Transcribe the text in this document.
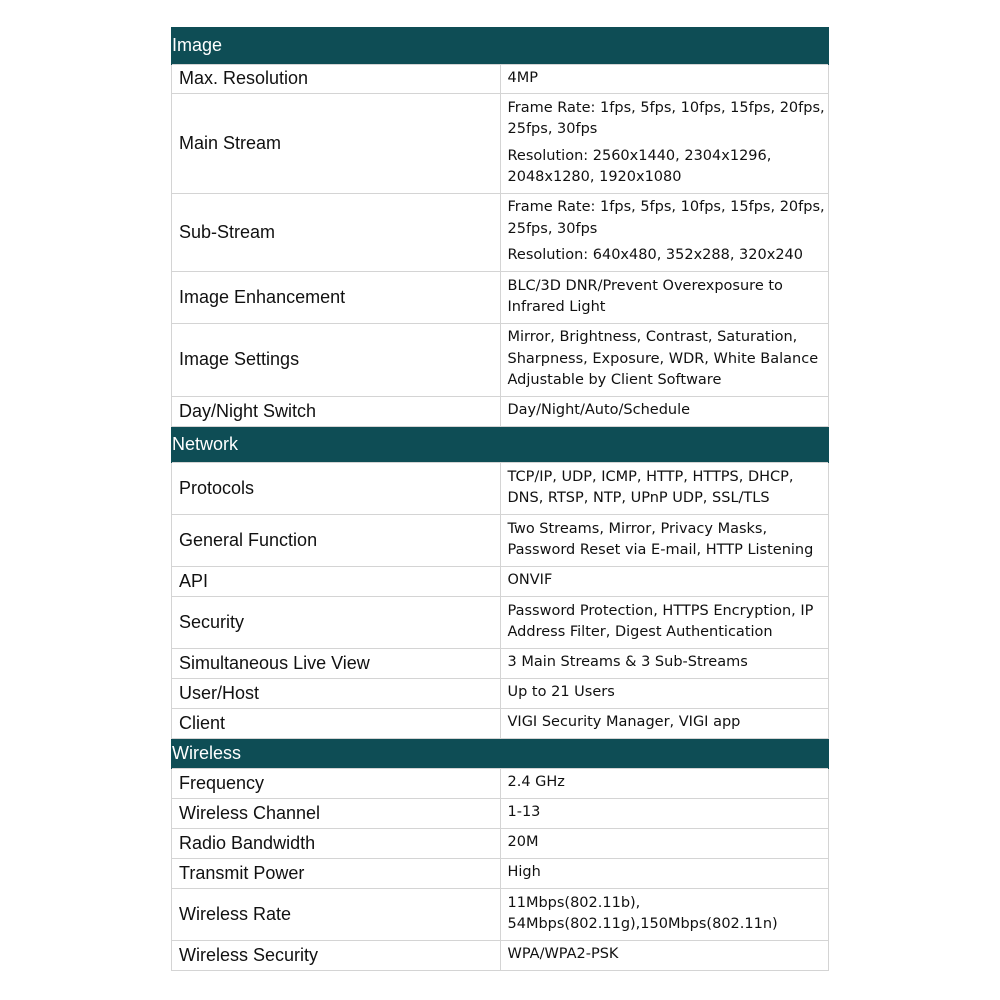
Image	
Max. Resolution	4MP

Main Stream	Frame Rate: 1fps, 5fps, 10fps, 15fps, 20fps, 25fps, 30fps
Resolution: 2560x1440, 2304x1296, 2048x1280, 1920x1080

Sub-Stream	Frame Rate: 1fps, 5fps, 10fps, 15fps, 20fps, 25fps, 30fps
Resolution: 640x480, 352x288, 320x240

Image Enhancement	BLC/3D DNR/Prevent Overexposure to Infrared Light

Image Settings	Mirror, Brightness, Contrast, Saturation, Sharpness, Exposure, WDR, White Balance Adjustable by Client Software

Day/Night Switch	Day/Night/Auto/Schedule

Network	
Protocols	TCP/IP, UDP, ICMP, HTTP, HTTPS, DHCP, DNS, RTSP, NTP, UPnP UDP, SSL/TLS

General Function	Two Streams, Mirror, Privacy Masks, Password Reset via E-mail, HTTP Listening

API	ONVIF

Security	Password Protection, HTTPS Encryption, IP Address Filter, Digest Authentication

Simultaneous Live View	3 Main Streams & 3 Sub-Streams

User/Host	Up to 21 Users

Client	VIGI Security Manager, VIGI app

Wireless	
Frequency	2.4 GHz

Wireless Channel	1-13

Radio Bandwidth	20M

Transmit Power	High

Wireless Rate	11Mbps(802.11b), 54Mbps(802.11g),150Mbps(802.11n)

Wireless Security	WPA/WPA2-PSK
